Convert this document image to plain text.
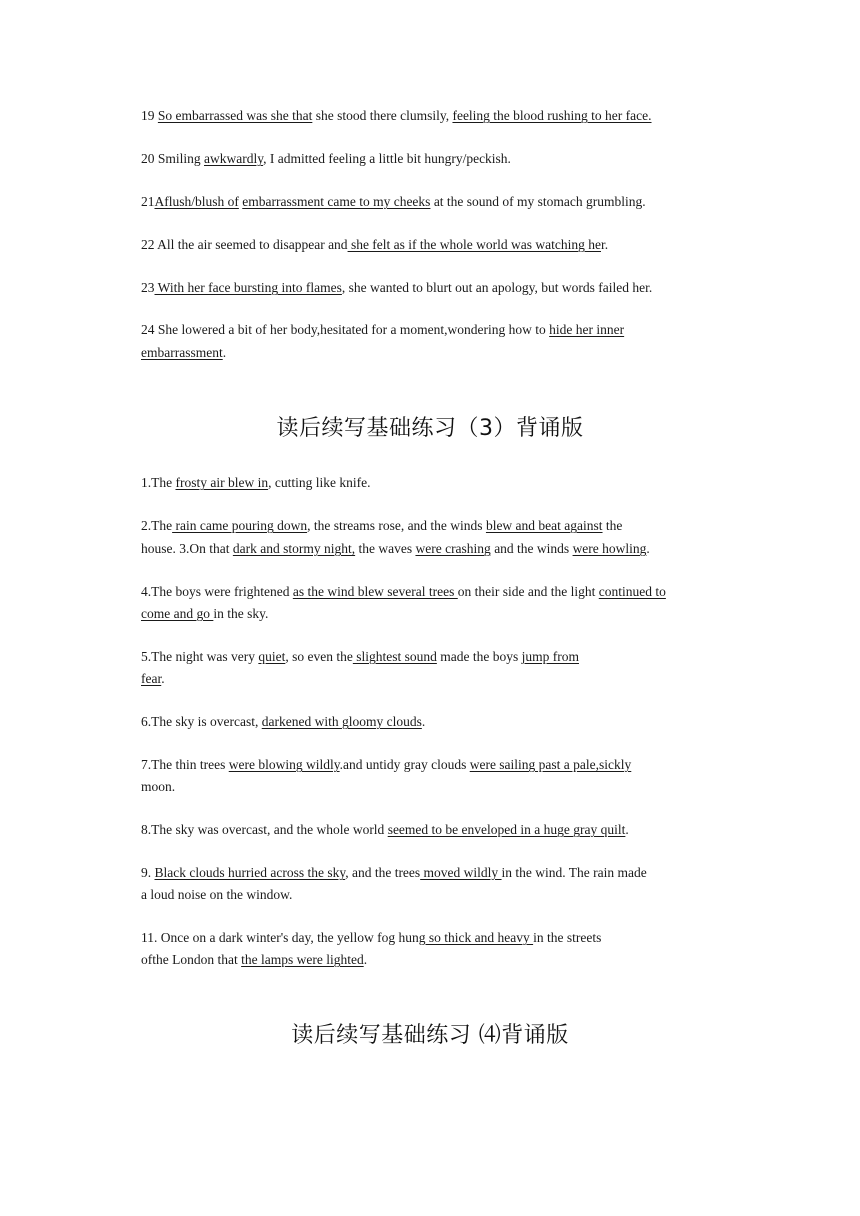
19 So embarrassed was she that she stood there clumsily, feeling the blood rushing to her face.
20 Smiling awkwardly, I admitted feeling a little bit hungry/peckish.
21Aflush/blush of embarrassment came to my cheeks at the sound of my stomach grumbling.
22 All the air seemed to disappear and she felt as if the whole world was watching her.
23 With her face bursting into flames, she wanted to blurt out an apology, but words failed her.
24 She lowered a bit of her body,hesitated for a moment,wondering how to hide her inner
embarrassment.
读后续写基础练习（3）背诵版
1.The frosty air blew in, cutting like knife.
2.The rain came pouring down, the streams rose, and the winds blew and beat against the
house. 3.On that dark and stormy night, the waves were crashing and the winds were howling.
4.The boys were frightened as the wind blew several trees on their side and the light continued to
come and go in the sky.
5.The night was very quiet, so even the slightest sound made the boys jump from
fear.
6.The sky is overcast, darkened with gloomy clouds.
7.The thin trees were blowing wildly.and untidy gray clouds were sailing past a pale,sickly
moon.
8.The sky was overcast, and the whole world seemed to be enveloped in a huge gray quilt.
9. Black clouds hurried across the sky, and the trees moved wildly in the wind. The rain made
a loud noise on the window.
11. Once on a dark winter's day, the yellow fog hung so thick and heavy in the streets
ofthe London that the lamps were lighted.
读后续写基础练习 ⑷背诵版
